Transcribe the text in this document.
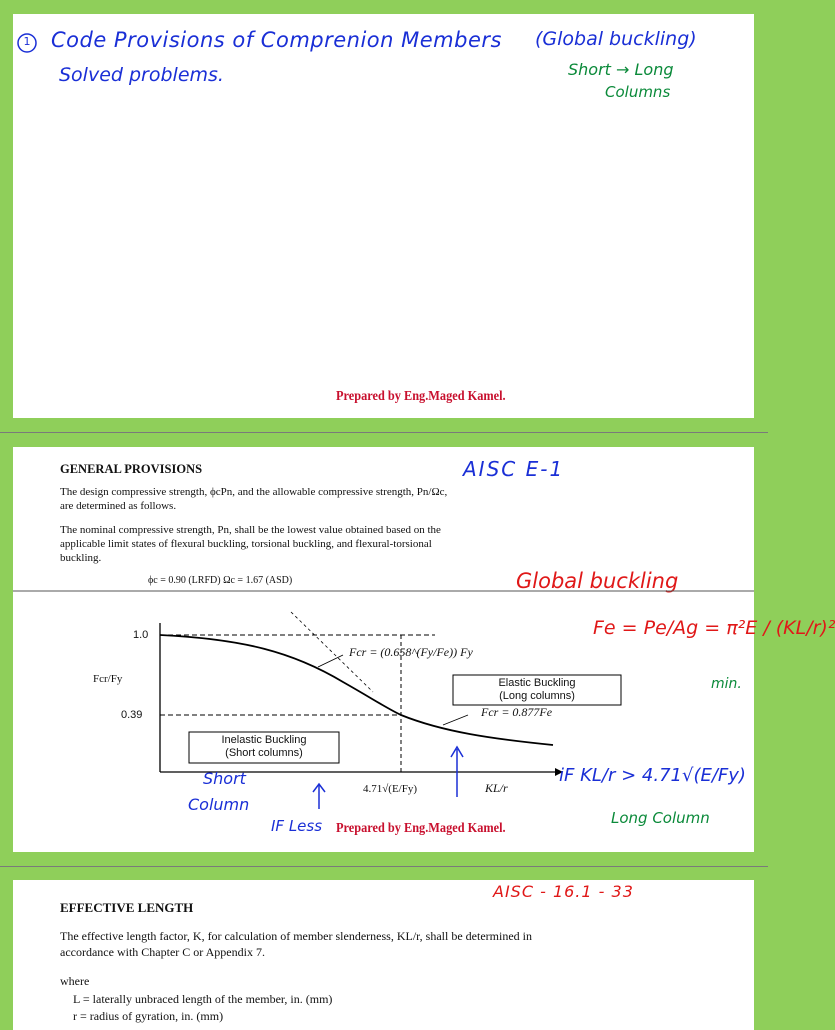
1 Code Provisions of Comprenion Members (Global buckling)
Solved problems.	Short → Long
Columns
Prepared by Eng.Maged Kamel.
GENERAL PROVISIONS
The design compressive strength, ϕcPn, and the allowable compressive strength, Pn/Ωc, are determined as follows.
The nominal compressive strength, Pn, shall be the lowest value obtained based on the applicable limit states of flexural buckling, torsional buckling, and flexural-torsional buckling.
ϕc = 0.90 (LRFD) Ωc = 1.67 (ASD)
AISC E-1
Global buckling
Fe = Pe/Ag = π²E / (KL/r)²
min.
1.0
0.39
Fcr/Fy
Inelastic Buckling
(Short columns)
Elastic Buckling
(Long columns)
Fcr = (0.658^(Fy/Fe)) Fy
Fcr = 0.877Fe
4.71√(E/Fy)	KL/r
Short
Column
IF Less
iF KL/r > 4.71√(E/Fy)
Long Column
Prepared by Eng.Maged Kamel.
AISC - 16.1 - 33
EFFECTIVE LENGTH
The effective length factor, K, for calculation of member slenderness, KL/r, shall be determined in accordance with Chapter C or Appendix 7.
where
L = laterally unbraced length of the member, in. (mm)
r = radius of gyration, in. (mm)
